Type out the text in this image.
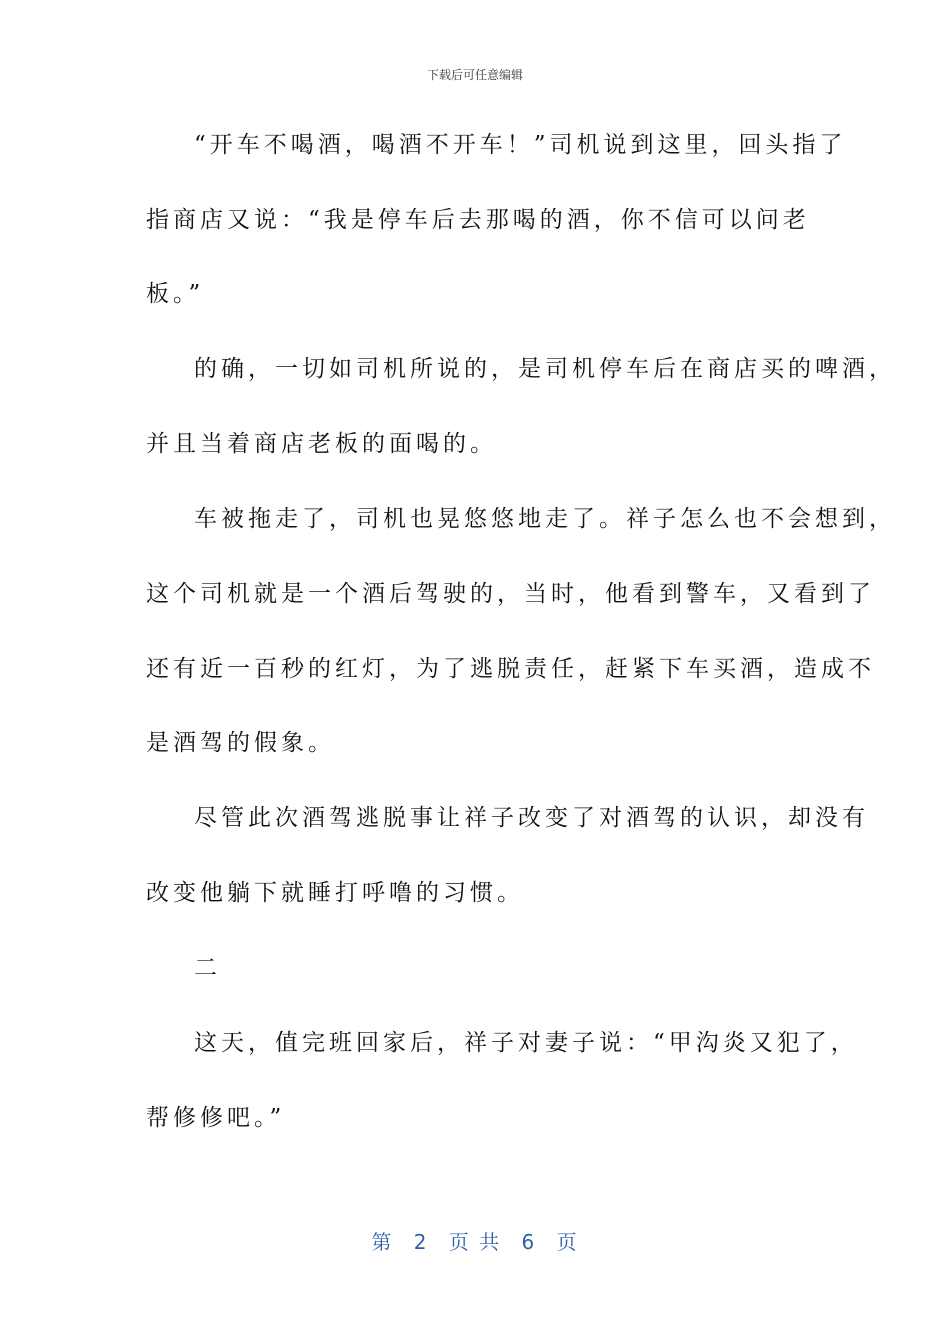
下载后可任意编辑
“开车不喝酒，喝酒不开车！”司机说到这里，回头指了
指商店又说：“我是停车后去那喝的酒，你不信可以问老
板。”
的确，一切如司机所说的，是司机停车后在商店买的啤酒，
并且当着商店老板的面喝的。
车被拖走了，司机也晃悠悠地走了。祥子怎么也不会想到，
这个司机就是一个酒后驾驶的，当时，他看到警车，又看到了
还有近一百秒的红灯，为了逃脱责任，赶紧下车买酒，造成不
是酒驾的假象。
尽管此次酒驾逃脱事让祥子改变了对酒驾的认识，却没有
改变他躺下就睡打呼噜的习惯。
二
这天，值完班回家后，祥子对妻子说：“甲沟炎又犯了，
帮修修吧。”
第 2 页 共 6 页
